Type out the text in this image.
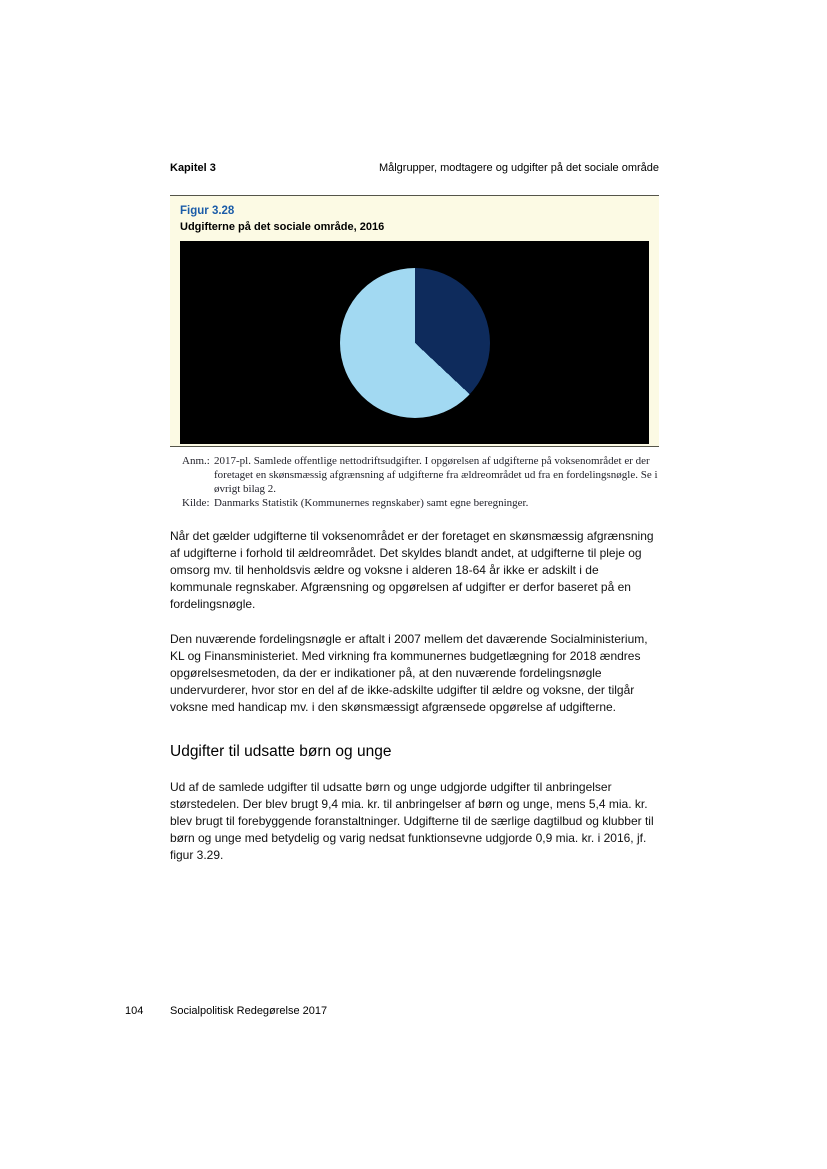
Kapitel 3	Målgrupper, modtagere og udgifter på det sociale område
Figur 3.28
Udgifterne på det sociale område, 2016
Anm.: 2017-pl. Samlede offentlige nettodriftsudgifter. I opgørelsen af udgifterne på voksenområdet er der foretaget en skønsmæssig afgrænsning af udgifterne fra ældreområdet ud fra en fordelingsnøgle. Se i øvrigt bilag 2.
Kilde: Danmarks Statistik (Kommunernes regnskaber) samt egne beregninger.

Når det gælder udgifterne til voksenområdet er der foretaget en skønsmæssig afgrænsning af udgifterne i forhold til ældreområdet. Det skyldes blandt andet, at udgifterne til pleje og omsorg mv. til henholdsvis ældre og voksne i alderen 18-64 år ikke er adskilt i de kommunale regnskaber. Afgrænsning og opgørelsen af udgifter er derfor baseret på en fordelingsnøgle.

Den nuværende fordelingsnøgle er aftalt i 2007 mellem det daværende Socialministerium, KL og Finansministeriet. Med virkning fra kommunernes budgetlægning for 2018 ændres opgørelsesmetoden, da der er indikationer på, at den nuværende fordelingsnøgle undervurderer, hvor stor en del af de ikke-adskilte udgifter til ældre og voksne, der tilgår voksne med handicap mv. i den skønsmæssigt afgrænsede opgørelse af udgifterne.

Udgifter til udsatte børn og unge

Ud af de samlede udgifter til udsatte børn og unge udgjorde udgifter til anbringelser størstedelen. Der blev brugt 9,4 mia. kr. til anbringelser af børn og unge, mens 5,4 mia. kr. blev brugt til forebyggende foranstaltninger. Udgifterne til de særlige dagtilbud og klubber til børn og unge med betydelig og varig nedsat funktionsevne udgjorde 0,9 mia. kr. i 2016, jf. figur 3.29.

104 Socialpolitisk Redegørelse 2017
